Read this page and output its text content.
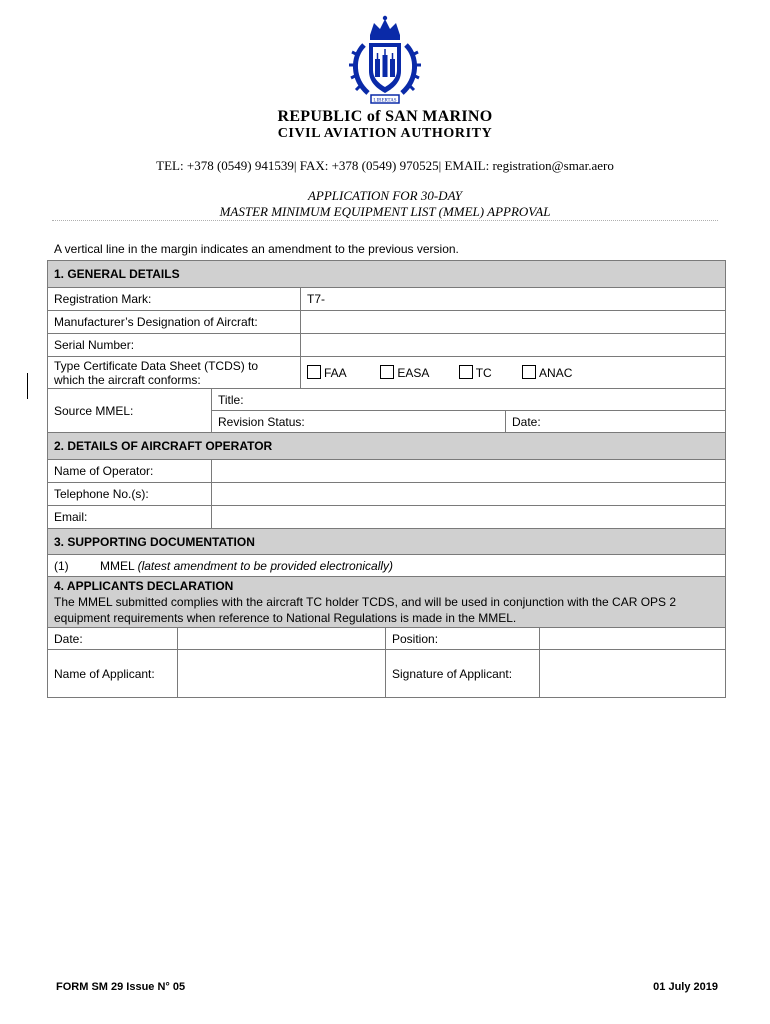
LIBERTAS
REPUBLIC of SAN MARINO
CIVIL AVIATION AUTHORITY
TEL: +378 (0549) 941539| FAX: +378 (0549) 970525| EMAIL: registration@smar.aero
APPLICATION FOR 30-DAY
MASTER MINIMUM EQUIPMENT LIST (MMEL) APPROVAL
A vertical line in the margin indicates an amendment to the previous version.
1. GENERAL DETAILS			
Registration Mark:		T7-	
Manufacturer’s Designation of Aircraft:			
Serial Number:			

Type Certificate Data Sheet (TCDS) to
which the aircraft conforms:		FAA EASA TC ANAC	
Source MMEL:	Title:		
	Revision Status:		Date:
2. DETAILS OF AIRCRAFT OPERATOR	
Name of Operator:	
Telephone No.(s):	
Email:	
3. SUPPORTING DOCUMENTATION
(1)	MMEL (latest amendment to be provided electronically)
4. APPLICANTS DECLARATION
The MMEL submitted complies with the aircraft TC holder TCDS, and will be used in conjunction with the CAR OPS 2 equipment requirements when reference to National Regulations is made in the MMEL.			

Date:		Position:	
Name of Applicant:		Signature of Applicant:	
FORM SM 29 Issue N° 05	01 July 2019
